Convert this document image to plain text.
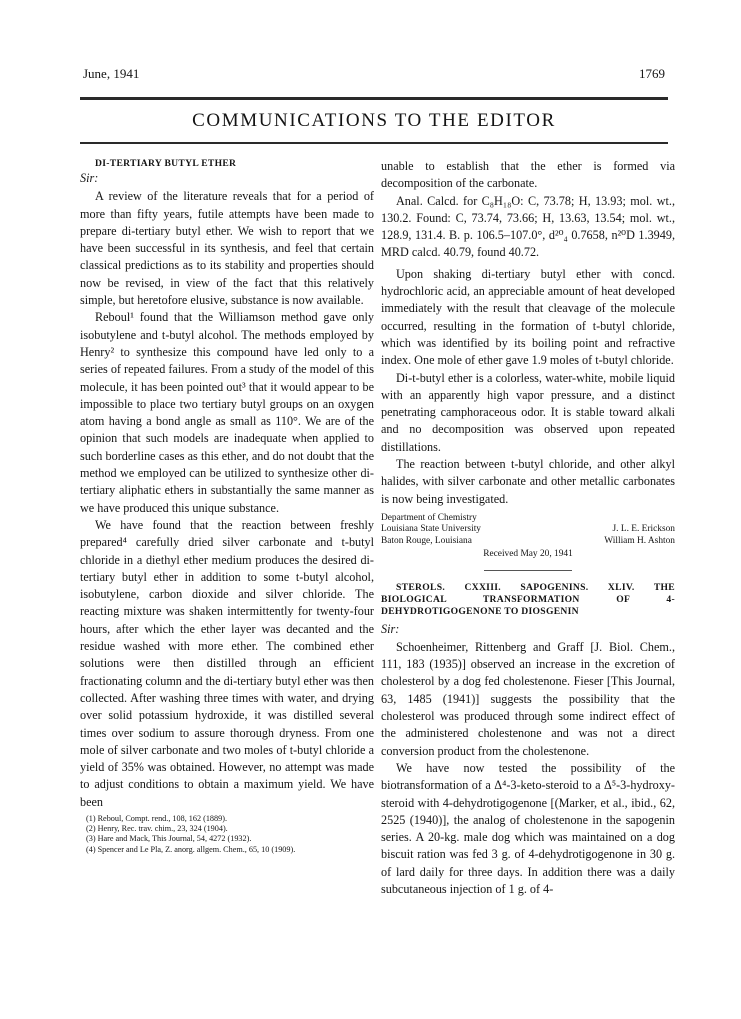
June, 1941	1769
COMMUNICATIONS TO THE EDITOR

DI-TERTIARY BUTYL ETHER

Sir:

A review of the literature reveals that for a period of more than fifty years, futile attempts have been made to prepare di-tertiary butyl ether. We wish to report that we have been successful in its synthesis, and feel that certain classical predictions as to its stability and properties should now be revised, in view of the fact that this relatively simple, but heretofore elusive, substance is now available.

Reboul¹ found that the Williamson method gave only isobutylene and t-butyl alcohol. The methods employed by Henry² to synthesize this compound have led only to a series of repeated failures. From a study of the model of this molecule, it has been pointed out³ that it would appear to be impossible to place two tertiary butyl groups on an oxygen atom having a bond angle as small as 110°. We are of the opinion that such models are inadequate when applied to such borderline cases as this ether, and do not doubt that the method we employed can be utilized to synthesize other di-tertiary aliphatic ethers in substantially the same manner as we have produced this unique substance.

We have found that the reaction between freshly prepared⁴ carefully dried silver carbonate and t-butyl chloride in a diethyl ether medium produces the desired di-tertiary butyl ether in addition to some t-butyl alcohol, isobutylene, carbon dioxide and silver chloride. The reacting mixture was shaken intermittently for twenty-four hours, after which the ether layer was decanted and the residue washed with more ether. The combined ether solutions were then distilled through an efficient fractionating column and the di-tertiary butyl ether was then collected. After washing three times with water, and drying over solid potassium hydroxide, it was distilled several times over sodium to assure thorough dryness. From one mole of silver carbonate and two moles of t-butyl chloride a yield of 35% was obtained. However, no attempt was made to adjust conditions to obtain a maximum yield. We have been

(1) Reboul, Compt. rend., 108, 162 (1889).
(2) Henry, Rec. trav. chim., 23, 324 (1904).
(3) Hare and Mack, This Journal, 54, 4272 (1932).
(4) Spencer and Le Pla, Z. anorg. allgem. Chem., 65, 10 (1909).

unable to establish that the ether is formed via decomposition of the carbonate.

Anal. Calcd. for C₈H₁₈O: C, 73.78; H, 13.93; mol. wt., 130.2. Found: C, 73.74, 73.66; H, 13.63, 13.54; mol. wt., 128.9, 131.4. B. p. 106.5–107.0°, d²⁰₄ 0.7658, n²⁰D 1.3949, MRD calcd. 40.79, found 40.72.

Upon shaking di-tertiary butyl ether with concd. hydrochloric acid, an appreciable amount of heat developed immediately with the result that cleavage of the molecule occurred, resulting in the formation of t-butyl chloride, which was identified by its boiling point and refractive index. One mole of ether gave 1.9 moles of t-butyl chloride.

Di-t-butyl ether is a colorless, water-white, mobile liquid with an apparently high vapor pressure, and a distinct penetrating camphoraceous odor. It is stable toward alkali and no decomposition was observed upon repeated distillations.

The reaction between t-butyl chloride, and other alkyl halides, with silver carbonate and other metallic carbonates is now being investigated.

Department of Chemistry
Louisiana State University	J. L. E. Erickson
Baton Rouge, Louisiana	William H. Ashton
Received May 20, 1941

STEROLS. CXXIII. SAPOGENINS. XLIV. THE BIOLOGICAL TRANSFORMATION OF 4-DEHYDROTIGOGENONE TO DIOSGENIN

Sir:

Schoenheimer, Rittenberg and Graff [J. Biol. Chem., 111, 183 (1935)] observed an increase in the excretion of cholesterol by a dog fed cholestenone. Fieser [This Journal, 63, 1485 (1941)] suggests the possibility that the cholesterol was produced through some indirect effect of the administered cholestenone and was not a direct conversion product from the cholestenone.

We have now tested the possibility of the biotransformation of a Δ⁴-3-keto-steroid to a Δ⁵-3-hydroxy-steroid with 4-dehydrotigogenone [(Marker, et al., ibid., 62, 2525 (1940)], the analog of cholestenone in the sapogenin series. A 20-kg. male dog which was maintained on a dog biscuit ration was fed 3 g. of 4-dehydrotigogenone in 30 g. of lard daily for three days. In addition there was a daily subcutaneous injection of 1 g. of 4-
